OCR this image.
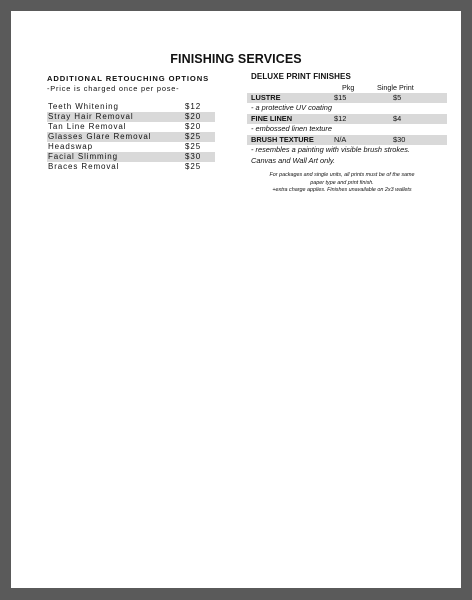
FINISHING SERVICES
ADDITIONAL RETOUCHING OPTIONS
-Price is charged once per pose-
Teeth Whitening	$12
Stray Hair Removal	$20
Tan Line Removal	$20
Glasses Glare Removal	$25
Headswap	$25
Facial Slimming	$30
Braces Removal	$25
DELUXE PRINT FINISHES
Pkg	Single Print
LUSTRE	$15	$5
- a protective UV coating
FINE LINEN	$12	$4
- embossed linen texture
BRUSH TEXTURE	N/A	$30
- resembles a painting with visible brush strokes.
Canvas and Wall Art only.
For packages and single units, all prints must be of the same
paper type and print finish.
+extra charge applies. Finishes unavailable on 2x3 wallets
